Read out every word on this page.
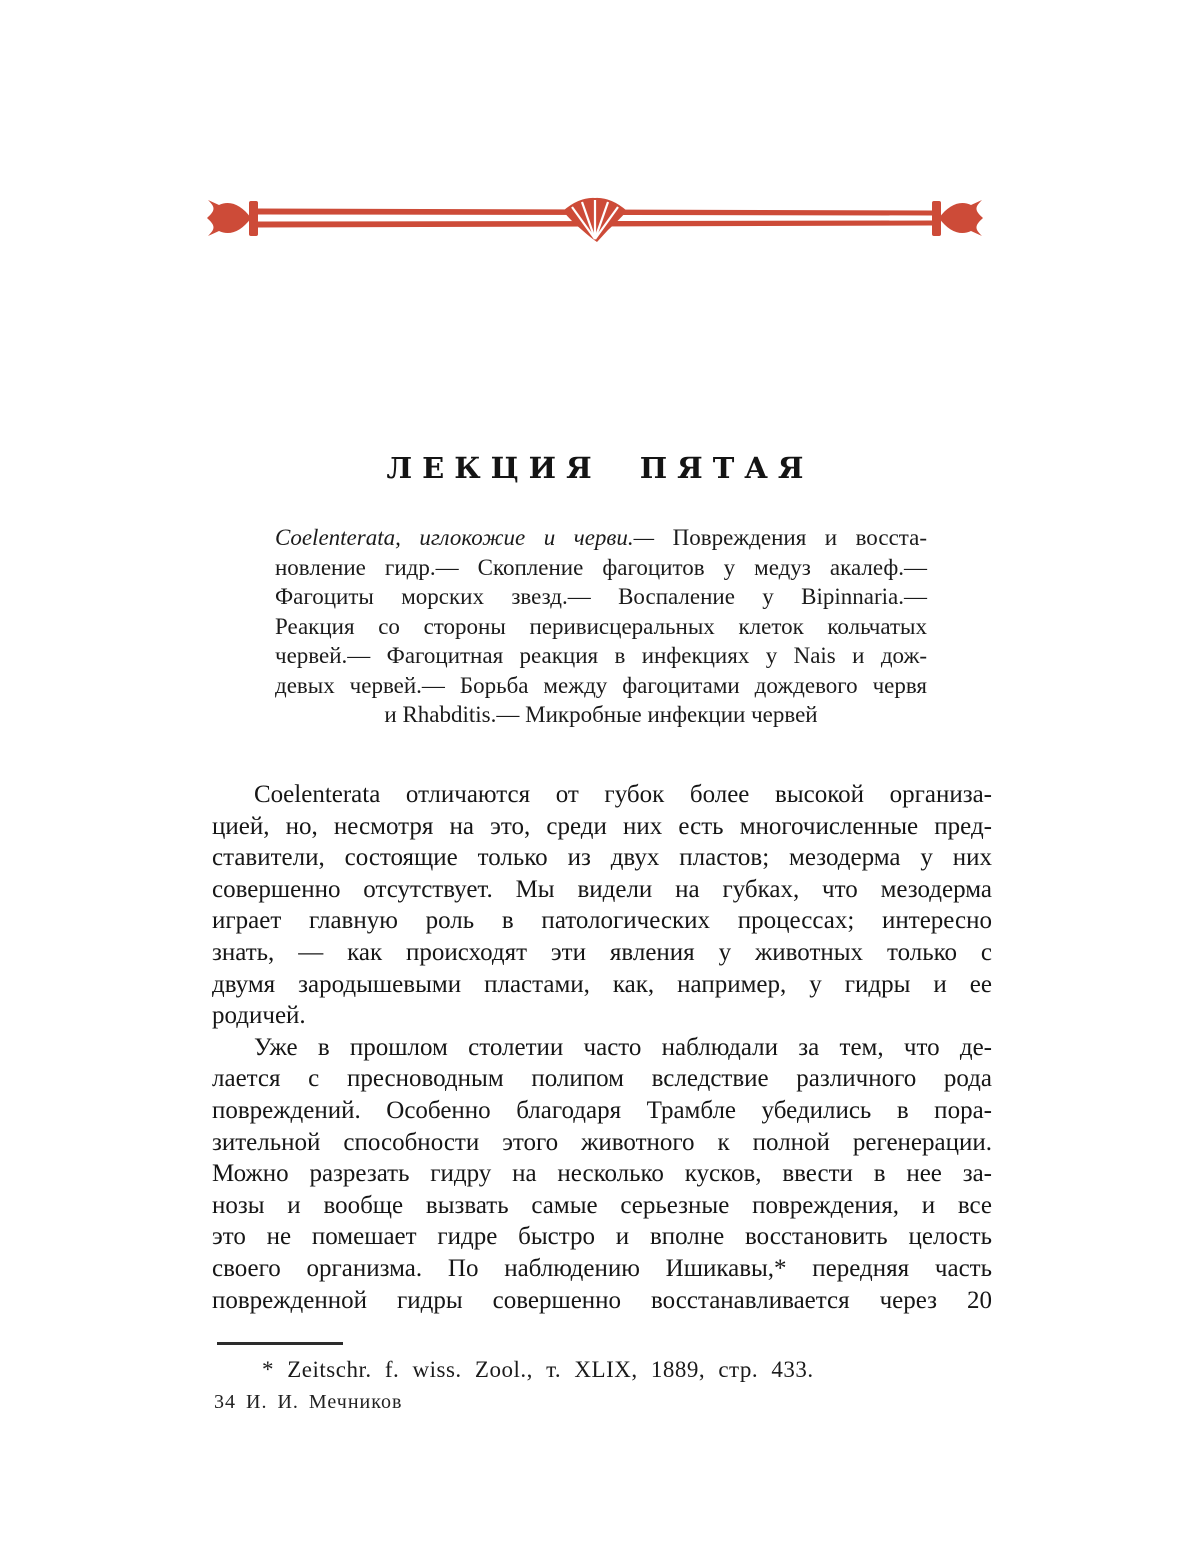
ЛЕКЦИЯ ПЯТАЯ
Coelenterata, иглокожие и черви.— Повреждения и восста-
новление гидр.— Скопление фагоцитов у медуз акалеф.—
Фагоциты морских звезд.— Воспаление у Bipinnaria.—
Реакция со стороны перивисцеральных клеток кольчатых
червей.— Фагоцитная реакция в инфекциях у Nais и дож-
девых червей.— Борьба между фагоцитами дождевого червя
и Rhabditis.— Микробные инфекции червей
Coelenterata отличаются от губок более высокой организа-
цией, но, несмотря на это, среди них есть многочисленные пред-
ставители, состоящие только из двух пластов; мезодерма у них
совершенно отсутствует. Мы видели на губках, что мезодерма
играет главную роль в патологических процессах; интересно
знать, — как происходят эти явления у животных только с
двумя зародышевыми пластами, как, например, у гидры и ее
родичей.
Уже в прошлом столетии часто наблюдали за тем, что де-
лается с пресноводным полипом вследствие различного рода
повреждений. Особенно благодаря Трамбле убедились в пора-
зительной способности этого животного к полной регенерации.
Можно разрезать гидру на несколько кусков, ввести в нее за-
нозы и вообще вызвать самые серьезные повреждения, и все
это не помешает гидре быстро и вполне восстановить целость
своего организма. По наблюдению Ишикавы,* передняя часть
поврежденной гидры совершенно восстанавливается через 20
* Zeitschr. f. wiss. Zool., т. XLIX, 1889, стр. 433.
34 И. И. Мечников
